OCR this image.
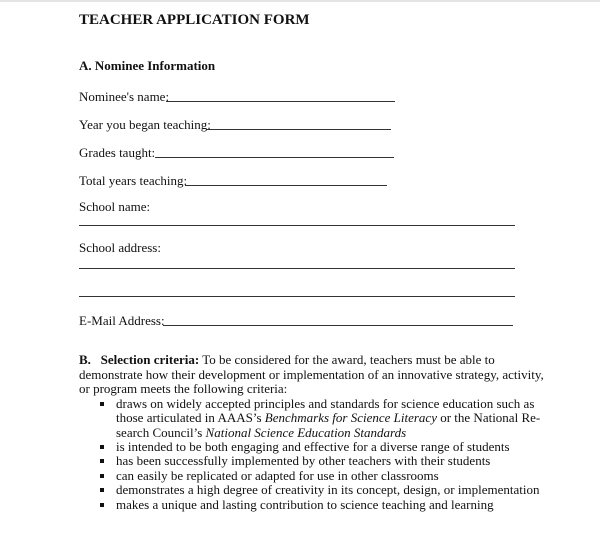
TEACHER APPLICATION FORM
A. Nominee Information
Nominee's name:
Year you began teaching:
Grades taught:
Total years teaching:
School name:
School address:
E-Mail Address:
B.   Selection criteria: To be considered for the award, teachers must be able to
demonstrate how their development or implementation of an innovative strategy, activity,
or program meets the following criteria:
draws on widely accepted principles and standards for science education such as
those articulated in AAAS’s Benchmarks for Science Literacy or the National Re-
search Council’s National Science Education Standards
is intended to be both engaging and effective for a diverse range of students
has been successfully implemented by other teachers with their students
can easily be replicated or adapted for use in other classrooms
demonstrates a high degree of creativity in its concept, design, or implementation
makes a unique and lasting contribution to science teaching and learning
